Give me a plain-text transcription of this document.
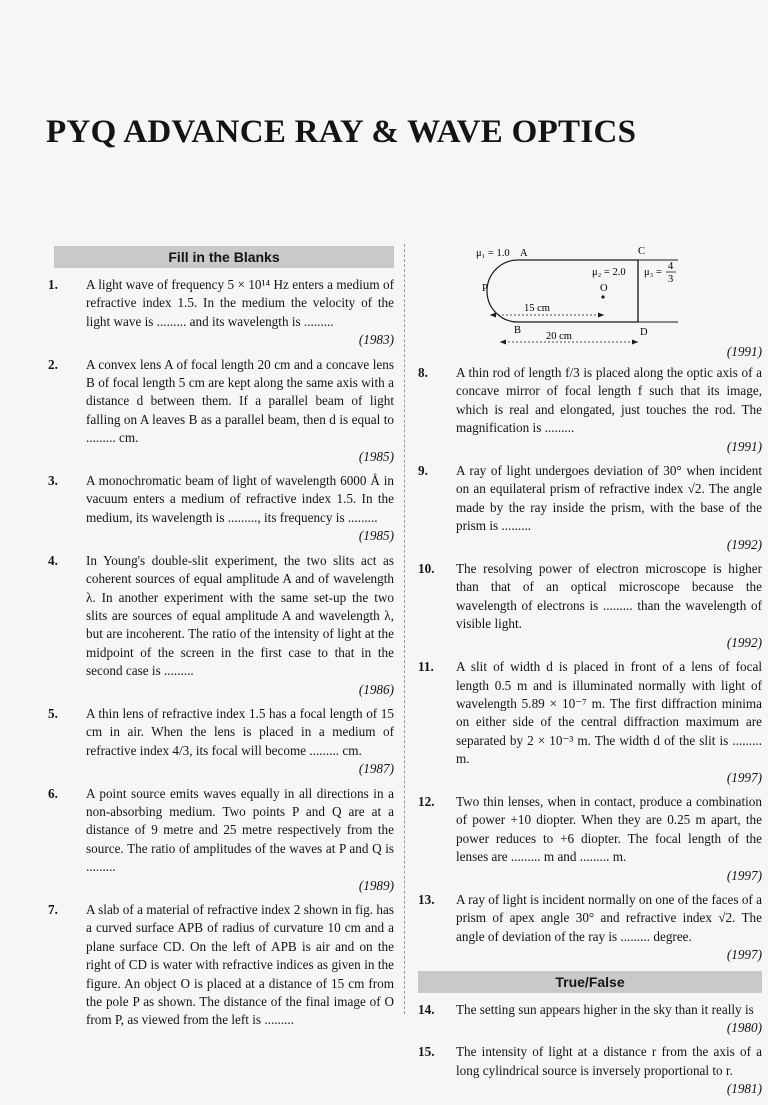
PYQ ADVANCE RAY & WAVE OPTICS
Fill in the Blanks
1. A light wave of frequency 5 × 10¹⁴ Hz enters a medium of refractive index 1.5. In the medium the velocity of the light wave is ......... and its wavelength is .........
(1983)
2. A convex lens A of focal length 20 cm and a concave lens B of focal length 5 cm are kept along the same axis with a distance d between them. If a parallel beam of light falling on A leaves B as a parallel beam, then d is equal to ......... cm.
(1985)
3. A monochromatic beam of light of wavelength 6000 Å in vacuum enters a medium of refractive index 1.5. In the medium, its wavelength is ........., its frequency is .........
(1985)
4. In Young's double-slit experiment, the two slits act as coherent sources of equal amplitude A and of wavelength λ. In another experiment with the same set-up the two slits are sources of equal amplitude A and wavelength λ, but are incoherent. The ratio of the intensity of light at the midpoint of the screen in the first case to that in the second case is .........
(1986)
5. A thin lens of refractive index 1.5 has a focal length of 15 cm in air. When the lens is placed in a medium of refractive index 4/3, its focal will become ......... cm.
(1987)
6. A point source emits waves equally in all directions in a non-absorbing medium. Two points P and Q are at a distance of 9 metre and 25 metre respectively from the source. The ratio of amplitudes of the waves at P and Q is .........
(1989)
7. A slab of a material of refractive index 2 shown in fig. has a curved surface APB of radius of curvature 10 cm and a plane surface CD. On the left of APB is air and on the right of CD is water with refractive indices as given in the figure. An object O is placed at a distance of 15 cm from the pole P as shown. The distance of the final image of O from P, as viewed from the left is .........
μ₁ = 1.0 A	C
μ₂ = 2.0 μ₃ =
4
3
P	O
15 cm
B	D
20 cm
(1991)
8. A thin rod of length f/3 is placed along the optic axis of a concave mirror of focal length f such that its image, which is real and elongated, just touches the rod. The magnification is .........
(1991)
9. A ray of light undergoes deviation of 30° when incident on an equilateral prism of refractive index √2. The angle made by the ray inside the prism, with the base of the prism is .........
(1992)
10. The resolving power of electron microscope is higher than that of an optical microscope because the wavelength of electrons is ......... than the wavelength of visible light.
(1992)
11. A slit of width d is placed in front of a lens of focal length 0.5 m and is illuminated normally with light of wavelength 5.89 × 10⁻⁷ m. The first diffraction minima on either side of the central diffraction maximum are separated by 2 × 10⁻³ m. The width d of the slit is ......... m.
(1997)
12. Two thin lenses, when in contact, produce a combination of power +10 diopter. When they are 0.25 m apart, the power reduces to +6 diopter. The focal length of the lenses are ......... m and ......... m.
(1997)
13. A ray of light is incident normally on one of the faces of a prism of apex angle 30° and refractive index √2. The angle of deviation of the ray is ......... degree.
(1997)
True/False
14. The setting sun appears higher in the sky than it really is
(1980)
15. The intensity of light at a distance r from the axis of a long cylindrical source is inversely proportional to r.
(1981)
